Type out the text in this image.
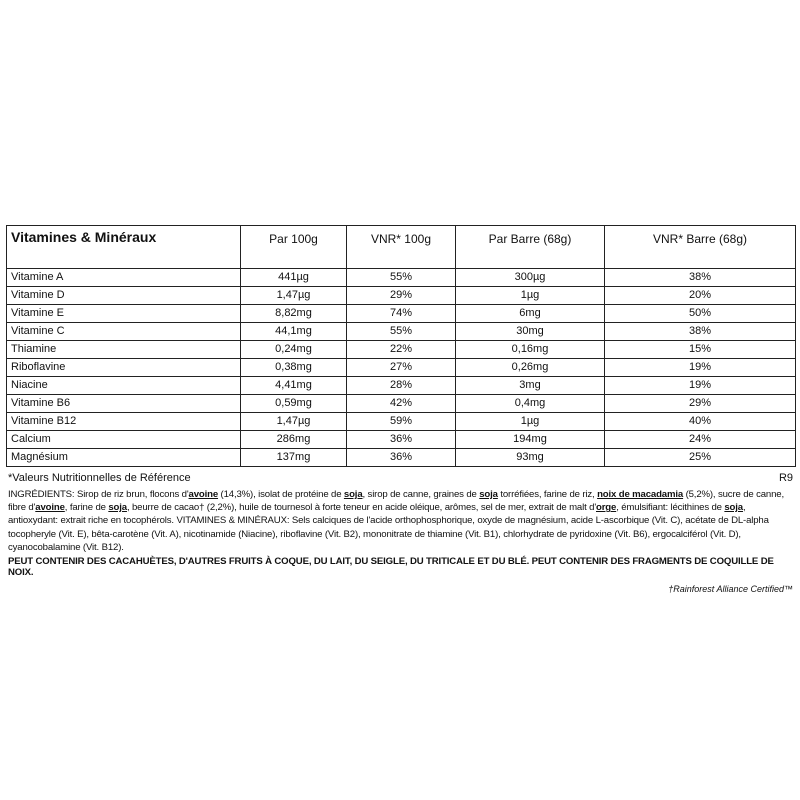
Vitamines & Minéraux	Par 100g	VNR* 100g	Par Barre (68g)	VNR* Barre (68g)
Vitamine A	441µg	55%	300µg	38%
Vitamine D	1,47µg	29%	1µg	20%
Vitamine E	8,82mg	74%	6mg	50%
Vitamine C	44,1mg	55%	30mg	38%
Thiamine	0,24mg	22%	0,16mg	15%
Riboflavine	0,38mg	27%	0,26mg	19%
Niacine	4,41mg	28%	3mg	19%
Vitamine B6	0,59mg	42%	0,4mg	29%
Vitamine B12	1,47µg	59%	1µg	40%
Calcium	286mg	36%	194mg	24%
Magnésium	137mg	36%	93mg	25%
*Valeurs Nutritionnelles de Référence	R9
INGRÉDIENTS: Sirop de riz brun, flocons d'avoine (14,3%), isolat de protéine de soja, sirop de canne, graines de soja torréfiées, farine de riz, noix de macadamia (5,2%), sucre de canne, fibre d'avoine, farine de soja, beurre de cacao† (2,2%), huile de tournesol à forte teneur en acide oléique, arômes, sel de mer, extrait de malt d'orge, émulsifiant: lécithines de soja, antioxydant: extrait riche en tocophérols. VITAMINES & MINÉRAUX: Sels calciques de l'acide orthophosphorique, oxyde de magnésium, acide L-ascorbique (Vit. C), acétate de DL-alpha tocopheryle (Vit. E), bêta-carotène (Vit. A), nicotinamide (Niacine), riboflavine (Vit. B2), mononitrate de thiamine (Vit. B1), chlorhydrate de pyridoxine (Vit. B6), ergocalciférol (Vit. D), cyanocobalamine (Vit. B12).
PEUT CONTENIR DES CACAHUÈTES, D'AUTRES FRUITS À COQUE, DU LAIT, DU SEIGLE, DU TRITICALE ET DU BLÉ. PEUT CONTENIR DES FRAGMENTS DE COQUILLE DE NOIX.
†Rainforest Alliance Certified™
